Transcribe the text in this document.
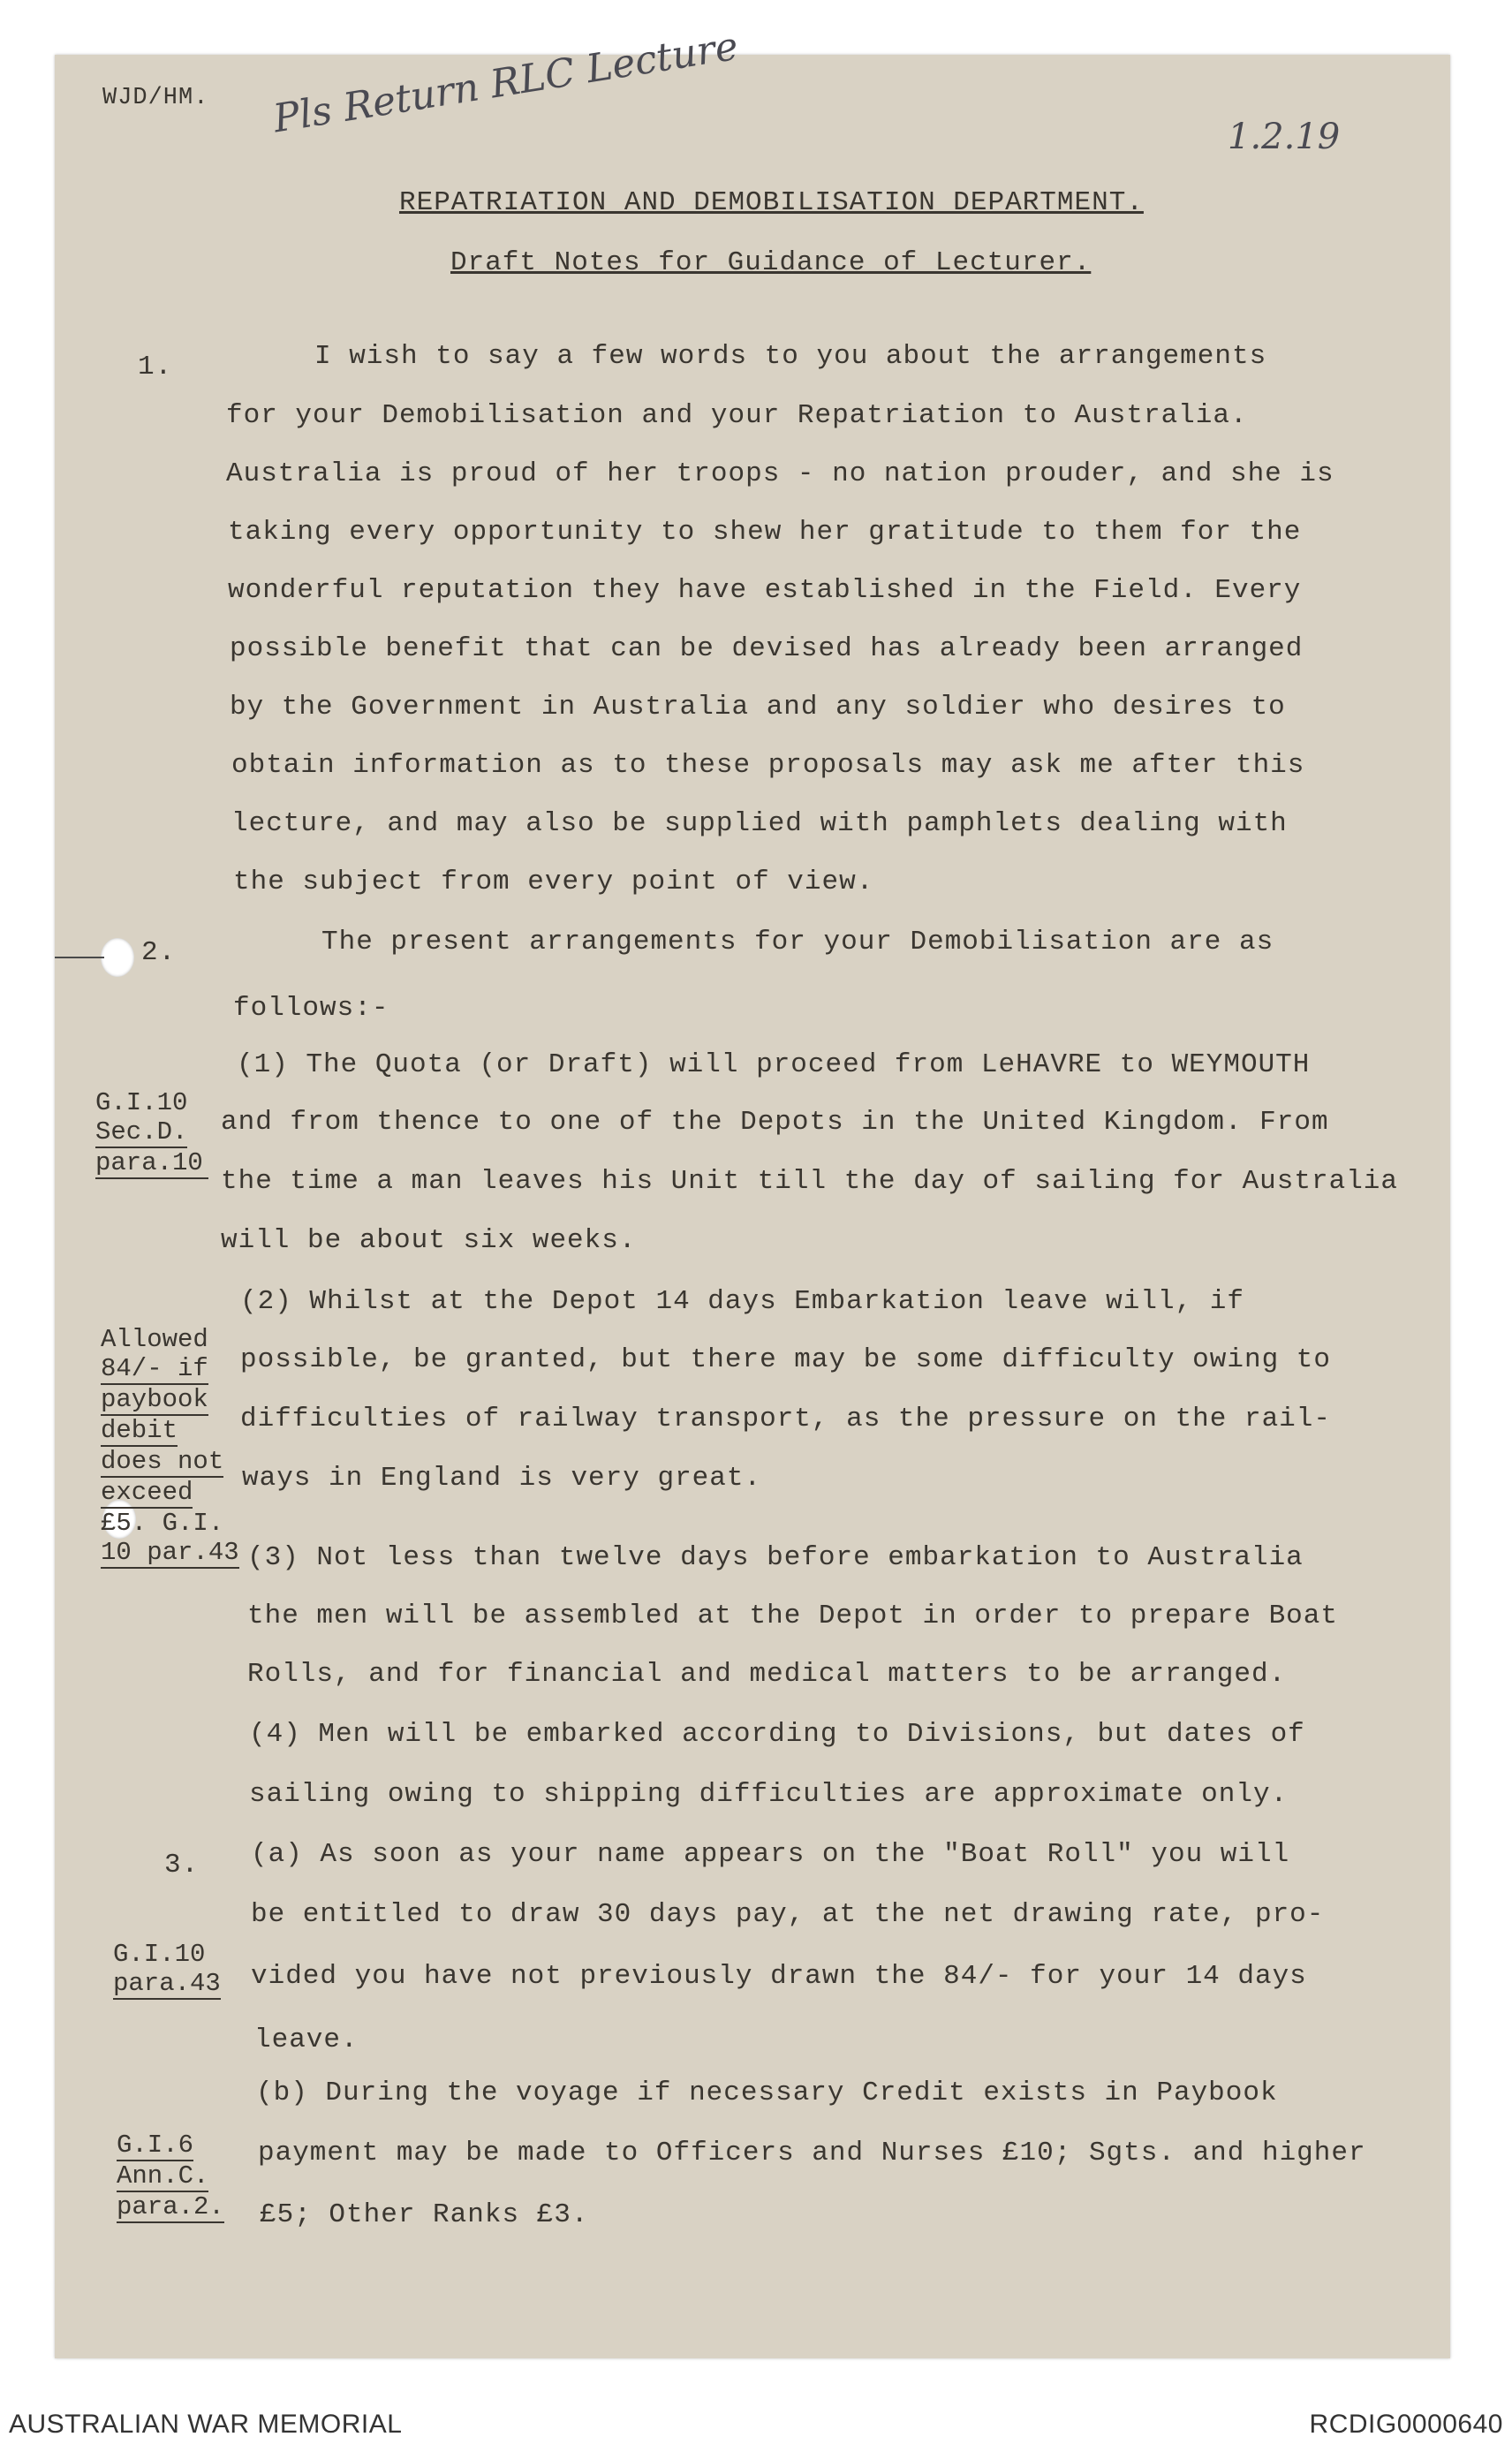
WJD/HM. Pls Return RLC Lecture	1.2.19
REPATRIATION AND DEMOBILISATION DEPARTMENT.
Draft Notes for Guidance of Lecturer.
1.	I wish to say a few words to you about the arrangements
for your Demobilisation and your Repatriation to Australia.
Australia is proud of her troops - no nation prouder, and she is
taking every opportunity to shew her gratitude to them for the
wonderful reputation they have established in the Field. Every
possible benefit that can be devised has already been arranged
by the Government in Australia and any soldier who desires to
obtain information as to these proposals may ask me after this
lecture, and may also be supplied with pamphlets dealing with
the subject from every point of view.
2.	The present arrangements for your Demobilisation are as
follows:-
(1) The Quota (or Draft) will proceed from LeHAVRE to WEYMOUTH
and from thence to one of the Depots in the United Kingdom. From
the time a man leaves his Unit till the day of sailing for Australia
will be about six weeks.
(2) Whilst at the Depot 14 days Embarkation leave will, if
possible, be granted, but there may be some difficulty owing to
difficulties of railway transport, as the pressure on the rail-
ways in England is very great.
(3) Not less than twelve days before embarkation to Australia
the men will be assembled at the Depot in order to prepare Boat
Rolls, and for financial and medical matters to be arranged.
(4) Men will be embarked according to Divisions, but dates of
sailing owing to shipping difficulties are approximate only.
3. (a) As soon as your name appears on the "Boat Roll" you will
be entitled to draw 30 days pay, at the net drawing rate, pro-
vided you have not previously drawn the 84/- for your 14 days
leave.
(b) During the voyage if necessary Credit exists in Paybook
payment may be made to Officers and Nurses £10; Sgts. and higher
£5; Other Ranks £3.
G.I.10
Sec.D.
para.10
Allowed
84/- if
paybook
debit
does not
exceed
£5. G.I.
10 par.43
G.I.10
para.43
G.I.6
Ann.C.
para.2.
AUSTRALIAN WAR MEMORIAL	RCDIG0000640
